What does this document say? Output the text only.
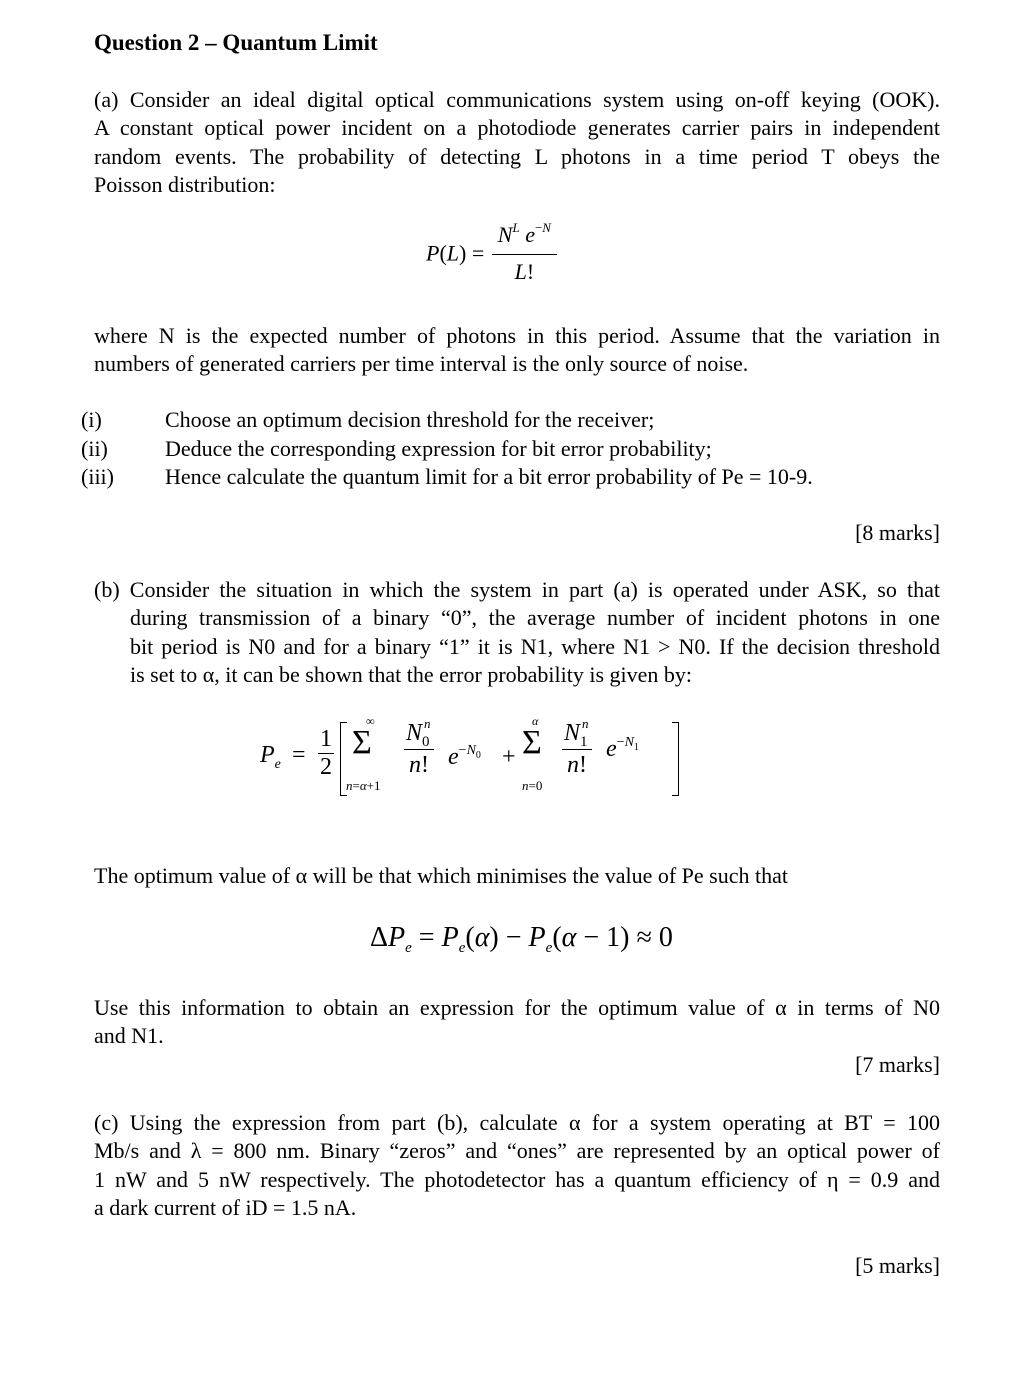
Question 2 – Quantum Limit
(a) Consider an ideal digital optical communications system using on-off keying (OOK).
A constant optical power incident on a photodiode generates carrier pairs in independent
random events. The probability of detecting L photons in a time period T obeys the
Poisson distribution:
$P(L) = \frac{N^L e^{-N}}{L!}$
where N is the expected number of photons in this period. Assume that the variation in
numbers of generated carriers per time interval is the only source of noise.
(i)	Choose an optimum decision threshold for the receiver;
(ii)	Deduce the corresponding expression for bit error probability;
(iii)	Hence calculate the quantum limit for a bit error probability of Pe = 10-9.
[8 marks]
(b) Consider the situation in which the system in part (a) is operated under ASK, so that
during transmission of a binary “0”, the average number of incident photons in one
bit period is N0 and for a binary “1” it is N1, where N1 > N0. If the decision threshold
is set to α, it can be shown that the error probability is given by:
$P_e$ =
1
2
∞
Σ
n=α+1
N n
0
n! $e^{-N_0}$ +
α
Σ
n=0
N n
1
n!
$e^{-N_1}$
The optimum value of α will be that which minimises the value of Pe such that
$\Delta P_e = P_e(\alpha) - P_e(\alpha - 1) \approx 0$
Use this information to obtain an expression for the optimum value of α in terms of N0
and N1.
[7 marks]
(c) Using the expression from part (b), calculate α for a system operating at BT = 100
Mb/s and λ = 800 nm. Binary “zeros” and “ones” are represented by an optical power of
1 nW and 5 nW respectively. The photodetector has a quantum efficiency of η = 0.9 and
a dark current of iD = 1.5 nA.
[5 marks]
